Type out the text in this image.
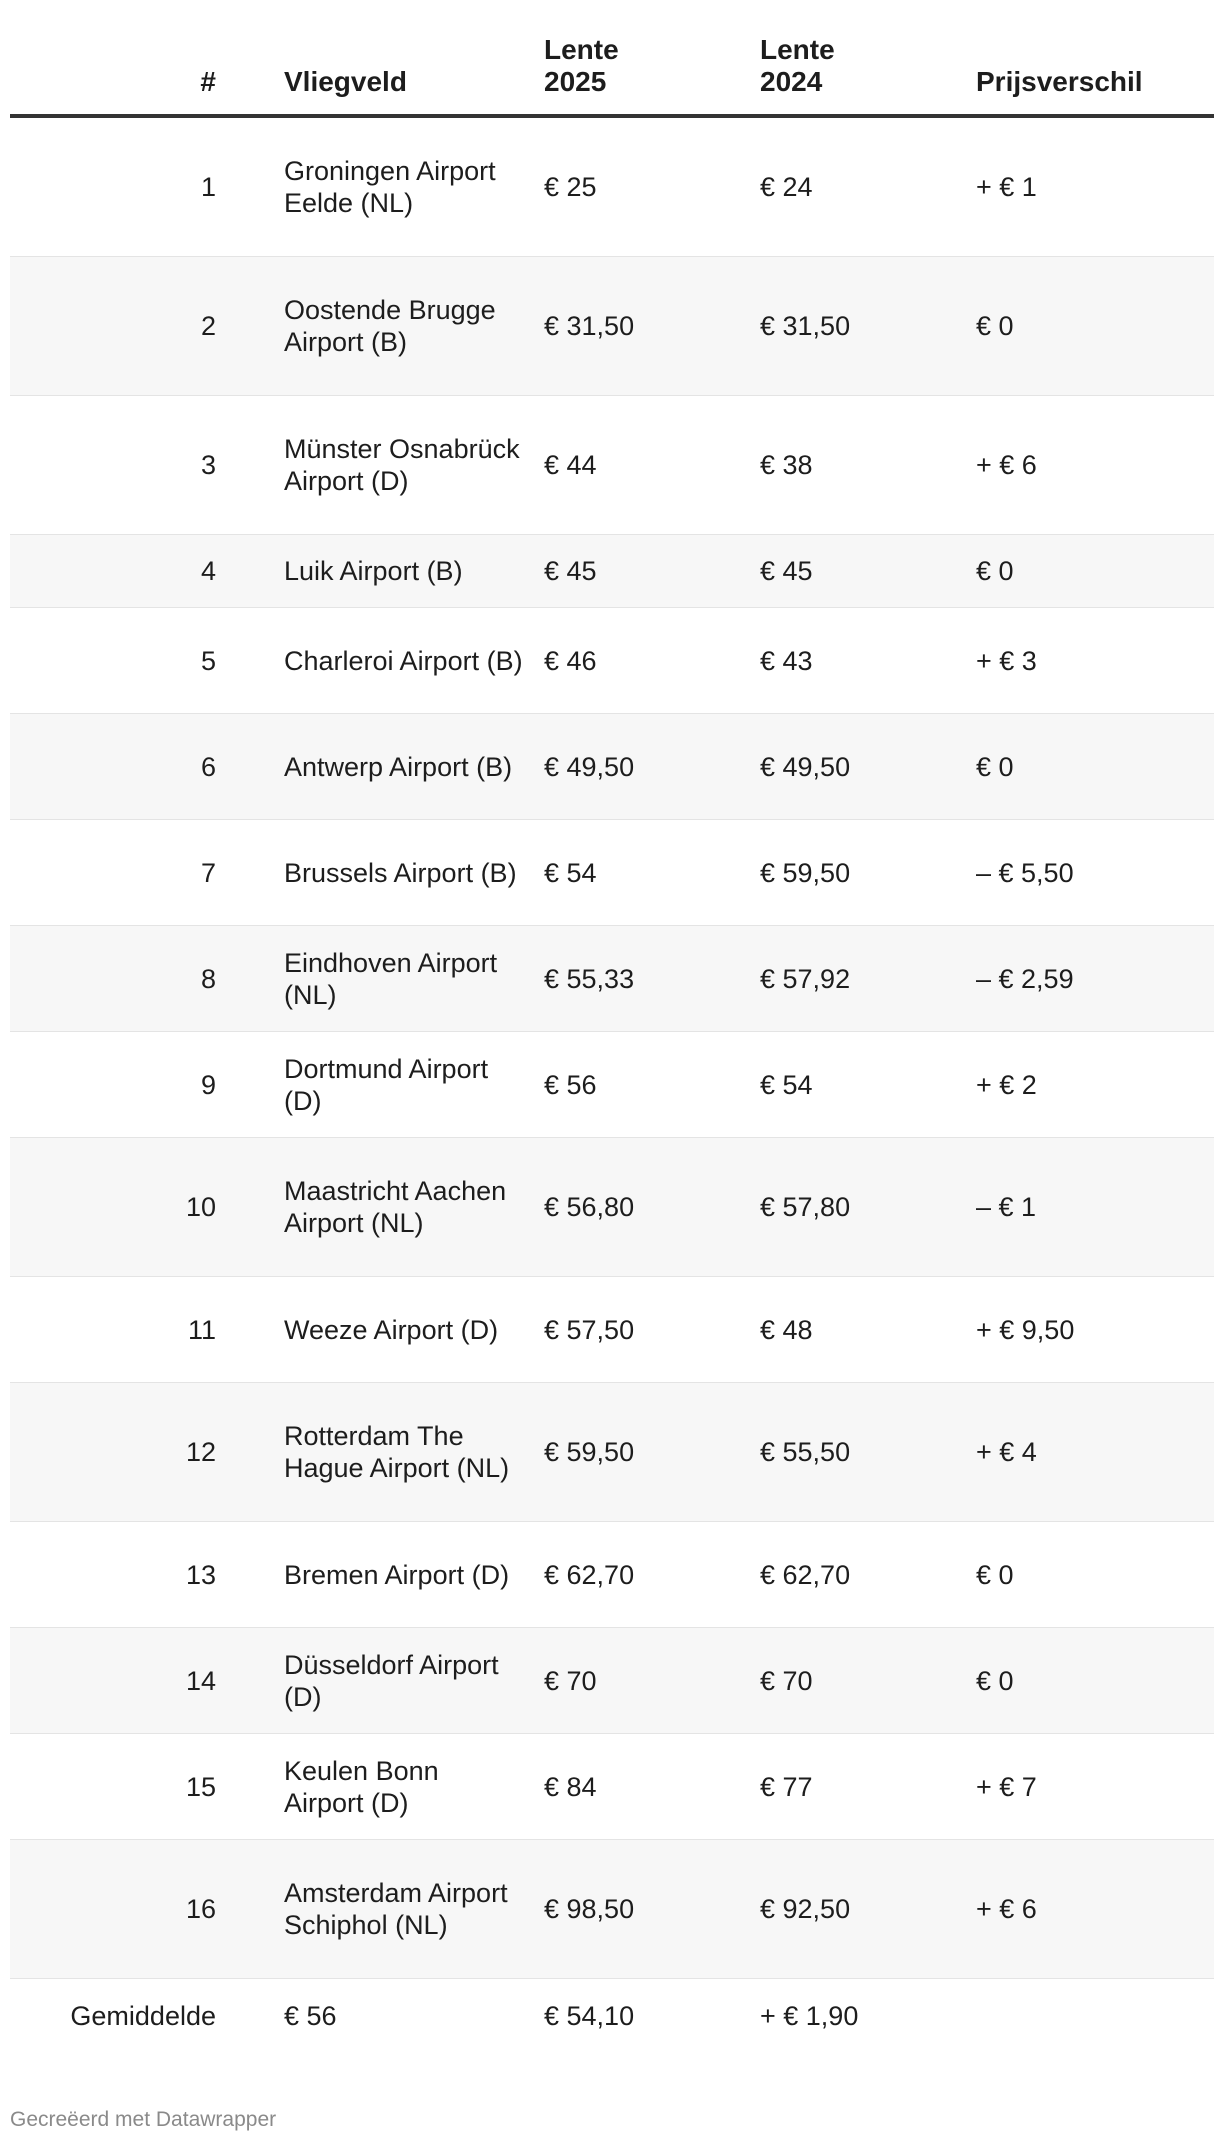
#	Vliegveld	Lente 2025	Lente 2024	Prijsverschil
1	Groningen Airport Eelde (NL)	€ 25	€ 24	+ € 1
2	Oostende Brugge Airport (B)	€ 31,50	€ 31,50	€ 0
3	Münster Osnabrück Airport (D)	€ 44	€ 38	+ € 6
4	Luik Airport (B)	€ 45	€ 45	€ 0
5	Charleroi Airport (B)	€ 46	€ 43	+ € 3
6	Antwerp Airport (B)	€ 49,50	€ 49,50	€ 0
7	Brussels Airport (B)	€ 54	€ 59,50	– € 5,50
8	Eindhoven Airport (NL)	€ 55,33	€ 57,92	– € 2,59
9	Dortmund Airport (D)	€ 56	€ 54	+ € 2
10	Maastricht Aachen Airport (NL)	€ 56,80	€ 57,80	– € 1
11	Weeze Airport (D)	€ 57,50	€ 48	+ € 9,50
12	Rotterdam The Hague Airport (NL)	€ 59,50	€ 55,50	+ € 4
13	Bremen Airport (D)	€ 62,70	€ 62,70	€ 0
14	Düsseldorf Airport (D)	€ 70	€ 70	€ 0
15	Keulen Bonn Airport (D)	€ 84	€ 77	+ € 7
16	Amsterdam Airport Schiphol (NL)	€ 98,50	€ 92,50	+ € 6
Gemiddelde	€ 56	€ 54,10	+ € 1,90	
Gecreëerd met Datawrapper
